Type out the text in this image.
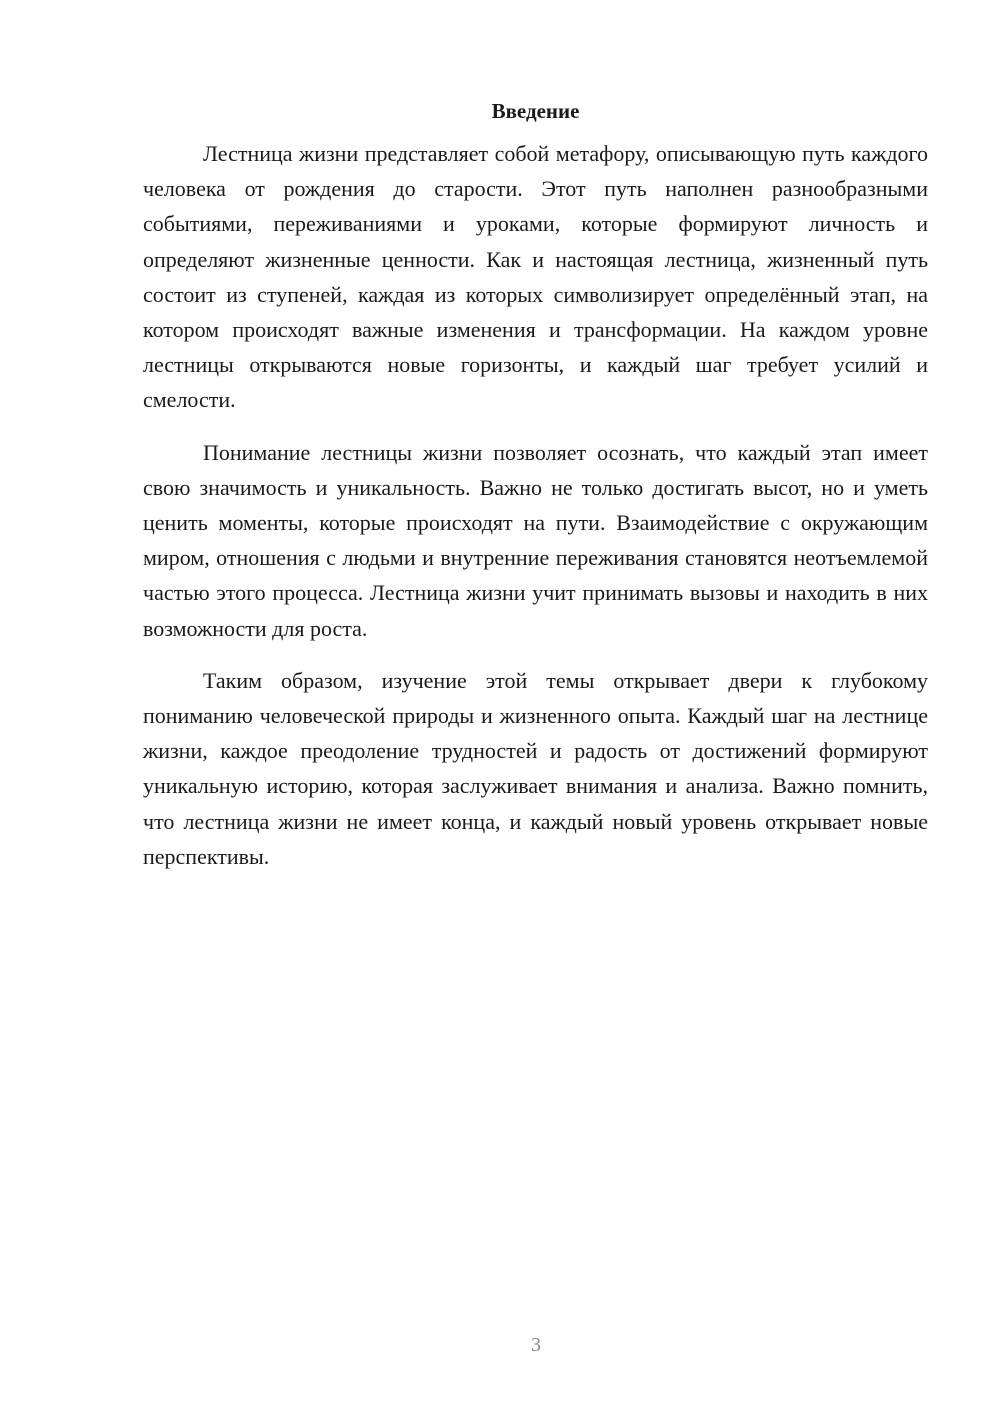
Введение

Лестница жизни представляет собой метафору, описывающую путь каждого человека от рождения до старости. Этот путь наполнен разнообразными событиями, переживаниями и уроками, которые формируют личность и определяют жизненные ценности. Как и настоящая лестница, жизненный путь состоит из ступеней, каждая из которых символизирует определённый этап, на котором происходят важные изменения и трансформации. На каждом уровне лестницы открываются новые горизонты, и каждый шаг требует усилий и смелости.

Понимание лестницы жизни позволяет осознать, что каждый этап имеет свою значимость и уникальность. Важно не только достигать высот, но и уметь ценить моменты, которые происходят на пути. Взаимодействие с окружающим миром, отношения с людьми и внутренние переживания становятся неотъемлемой частью этого процесса. Лестница жизни учит принимать вызовы и находить в них возможности для роста.

Таким образом, изучение этой темы открывает двери к глубокому пониманию человеческой природы и жизненного опыта. Каждый шаг на лестнице жизни, каждое преодоление трудностей и радость от достижений формируют уникальную историю, которая заслуживает внимания и анализа. Важно помнить, что лестница жизни не имеет конца, и каждый новый уровень открывает новые перспективы.

3
